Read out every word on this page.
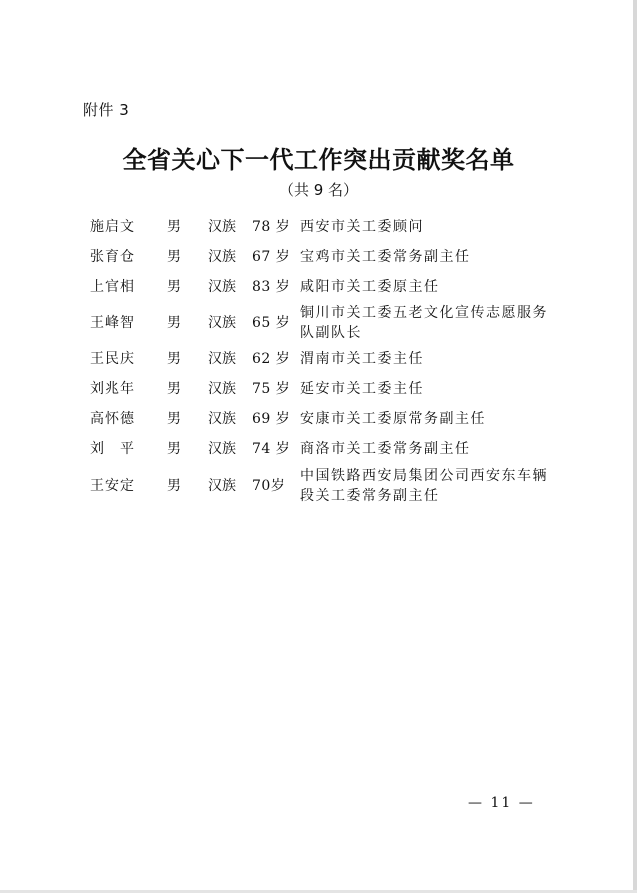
附件 3
全省关心下一代工作突出贡献奖名单
（共 9 名）
施启文 男 汉族 78 岁 西安市关工委顾问
张育仓 男 汉族 67 岁 宝鸡市关工委常务副主任
上官相 男 汉族 83 岁 咸阳市关工委原主任
王峰智 男 汉族 65 岁
铜川市关工委五老文化宣传志愿服务队副队长
王民庆 男 汉族 62 岁 渭南市关工委主任
刘兆年 男 汉族 75 岁 延安市关工委主任
高怀德 男 汉族 69 岁 安康市关工委原常务副主任
刘　平 男 汉族 74 岁 商洛市关工委常务副主任
王安定 男 汉族 70岁
中国铁路西安局集团公司西安东车辆段关工委常务副主任
— 11 —
